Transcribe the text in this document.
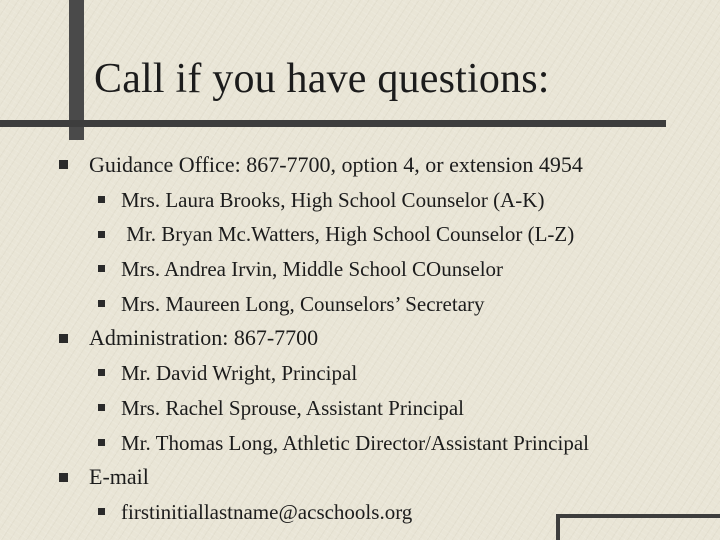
Call if you have questions:
Guidance Office: 867-7700, option 4, or extension 4954
Mrs. Laura Brooks, High School Counselor (A-K)
Mr. Bryan Mc.Watters, High School Counselor (L-Z)
Mrs. Andrea Irvin, Middle School COunselor
Mrs. Maureen Long, Counselors’ Secretary
Administration: 867-7700
Mr. David Wright, Principal
Mrs. Rachel Sprouse, Assistant Principal
Mr. Thomas Long, Athletic Director/Assistant Principal
E-mail
firstinitiallastname@acschools.org
